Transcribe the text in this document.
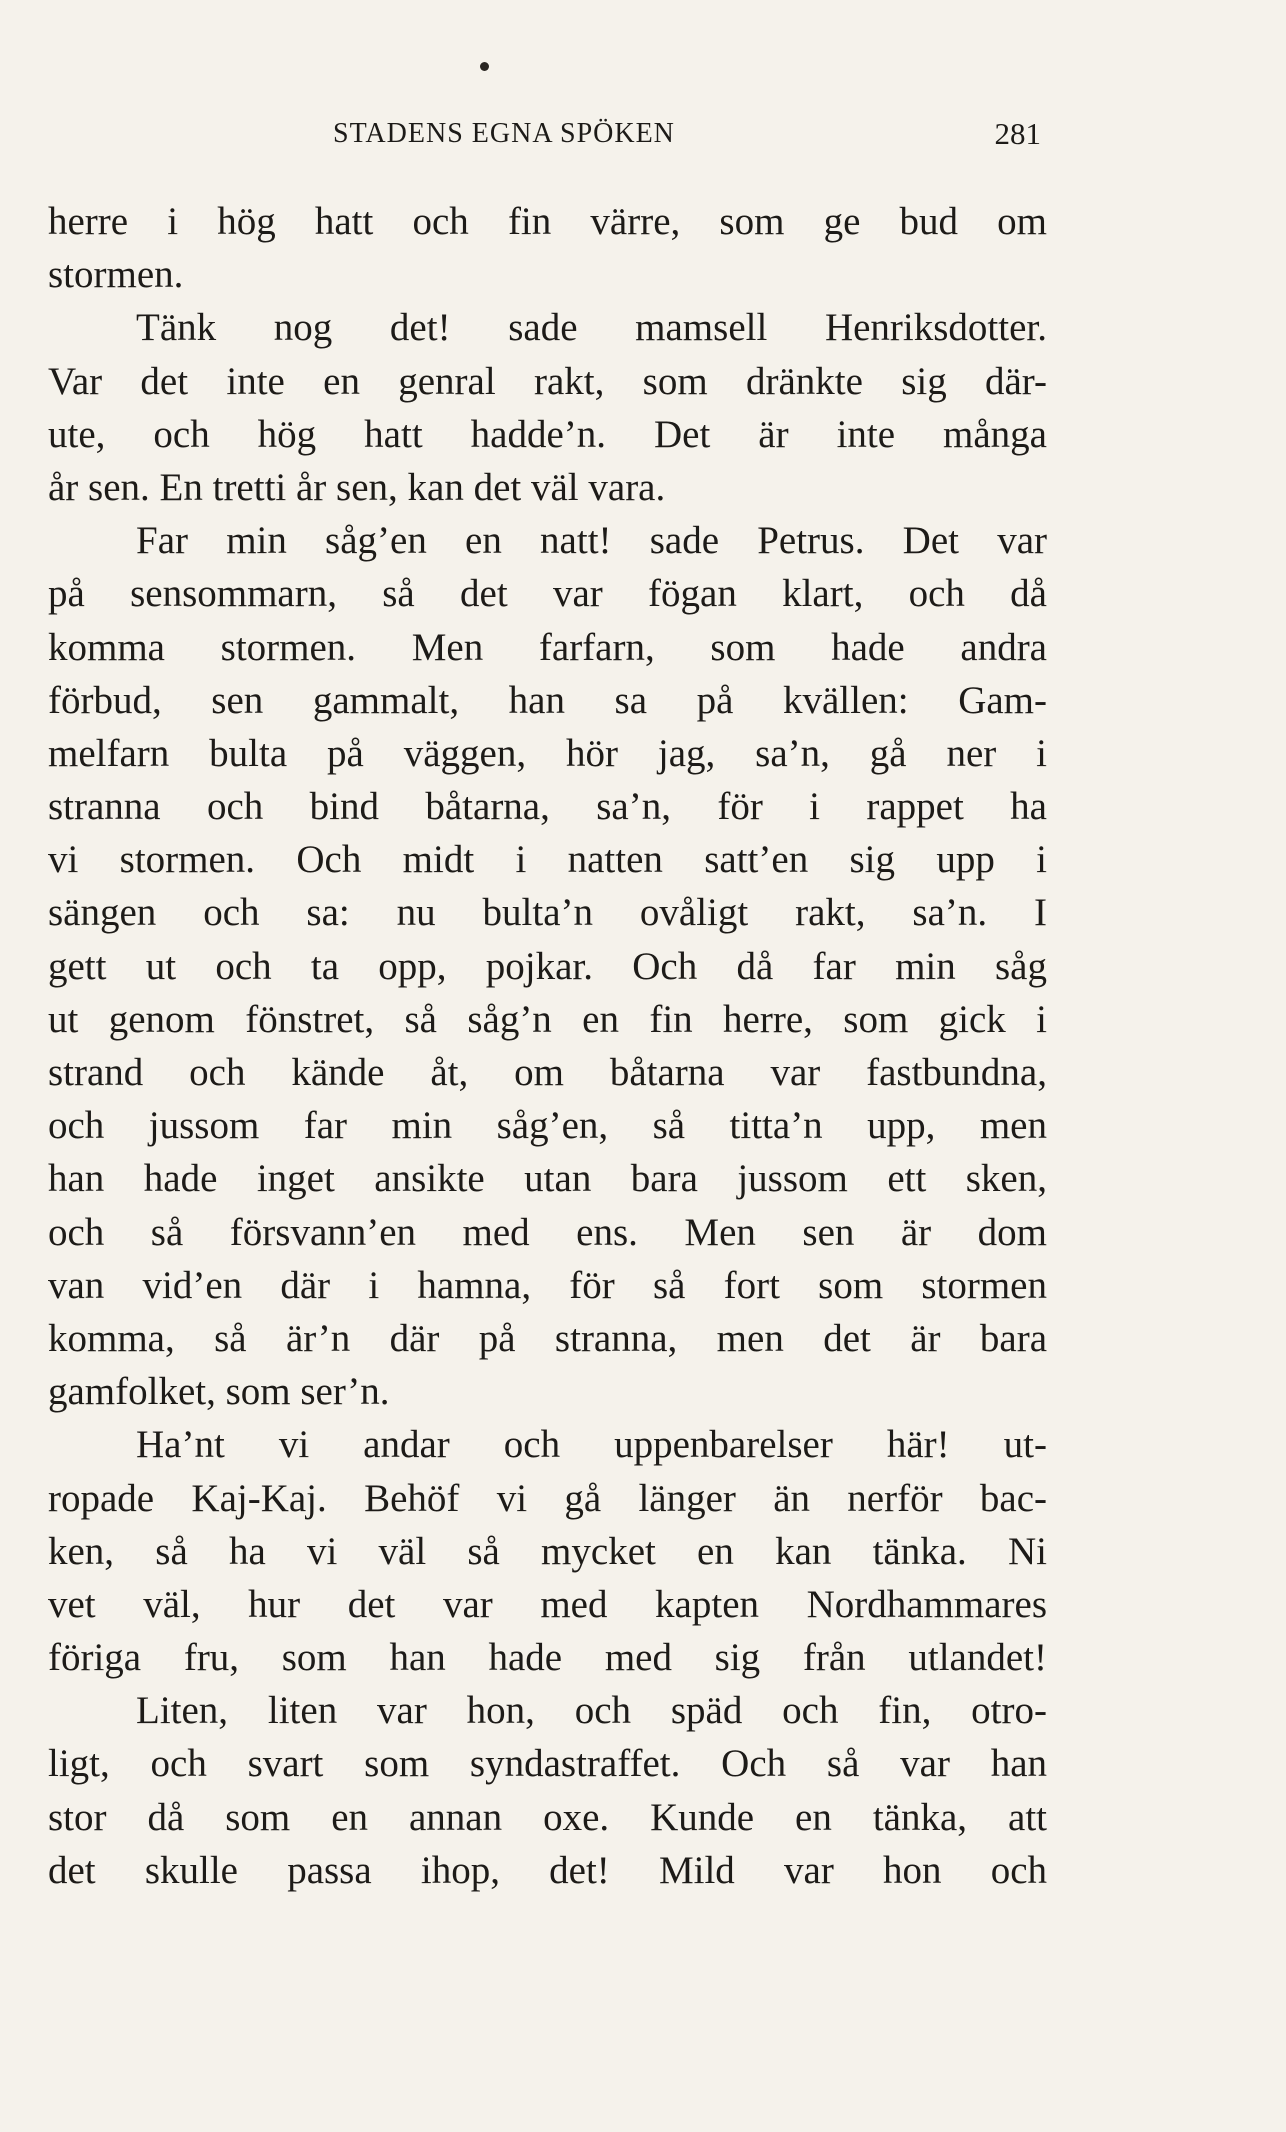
STADENS EGNA SPÖKEN	281
herre i hög hatt och fin värre, som ge bud om
stormen.
Tänk nog det! sade mamsell Henriksdotter.
Var det inte en genral rakt, som dränkte sig där-
ute, och hög hatt hadde’n. Det är inte många
år sen. En tretti år sen, kan det väl vara.
Far min såg’en en natt! sade Petrus. Det var
på sensommarn, så det var fögan klart, och då
komma stormen. Men farfarn, som hade andra
förbud, sen gammalt, han sa på kvällen: Gam-
melfarn bulta på väggen, hör jag, sa’n, gå ner i
stranna och bind båtarna, sa’n, för i rappet ha
vi stormen. Och midt i natten satt’en sig upp i
sängen och sa: nu bulta’n ovåligt rakt, sa’n. I
gett ut och ta opp, pojkar. Och då far min såg
ut genom fönstret, så såg’n en fin herre, som gick i
strand och kände åt, om båtarna var fastbundna,
och jussom far min såg’en, så titta’n upp, men
han hade inget ansikte utan bara jussom ett sken,
och så försvann’en med ens. Men sen är dom
van vid’en där i hamna, för så fort som stormen
komma, så är’n där på stranna, men det är bara
gamfolket, som ser’n.
Ha’nt vi andar och uppenbarelser här! ut-
ropade Kaj-Kaj. Behöf vi gå länger än nerför bac-
ken, så ha vi väl så mycket en kan tänka. Ni
vet väl, hur det var med kapten Nordhammares
föriga fru, som han hade med sig från utlandet!
Liten, liten var hon, och späd och fin, otro-
ligt, och svart som syndastraffet. Och så var han
stor då som en annan oxe. Kunde en tänka, att
det skulle passa ihop, det! Mild var hon och
